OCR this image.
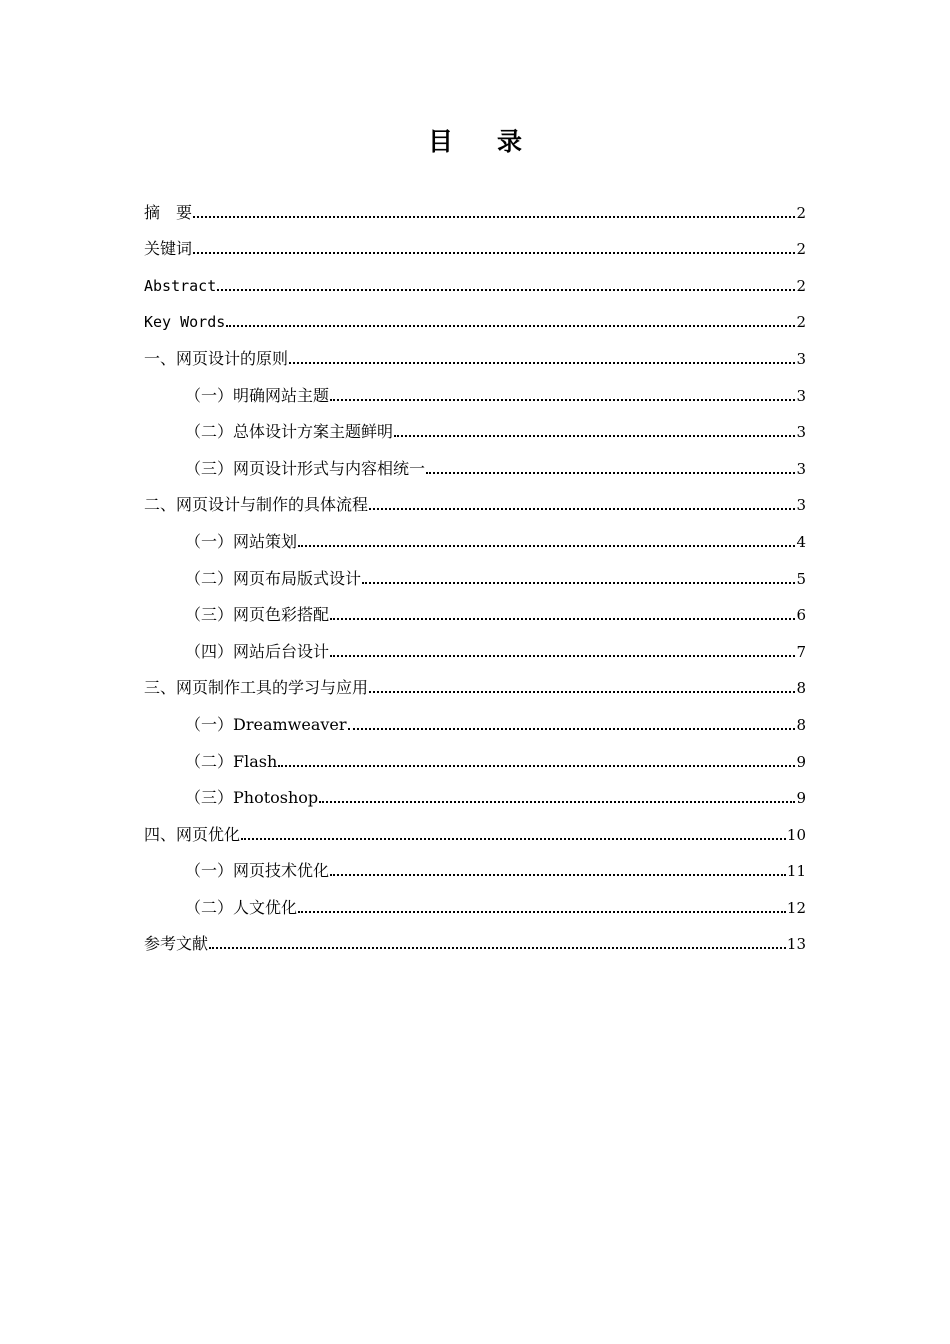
目录
摘　要	2
关键词	2
Abstract	2
Key Words	2
一、网页设计的原则	3
（一）明确网站主题	3
（二）总体设计方案主题鲜明	3
（三）网页设计形式与内容相统一	3
二、网页设计与制作的具体流程	3
（一）网站策划	4
（二）网页布局版式设计	5
（三）网页色彩搭配	6
（四）网站后台设计	7
三、网页制作工具的学习与应用	8
（一）Dreamweaver	8
（二）Flash	9
（三）Photoshop	9
四、网页优化	10
（一）网页技术优化	11
（二）人文优化	12
参考文献	13
